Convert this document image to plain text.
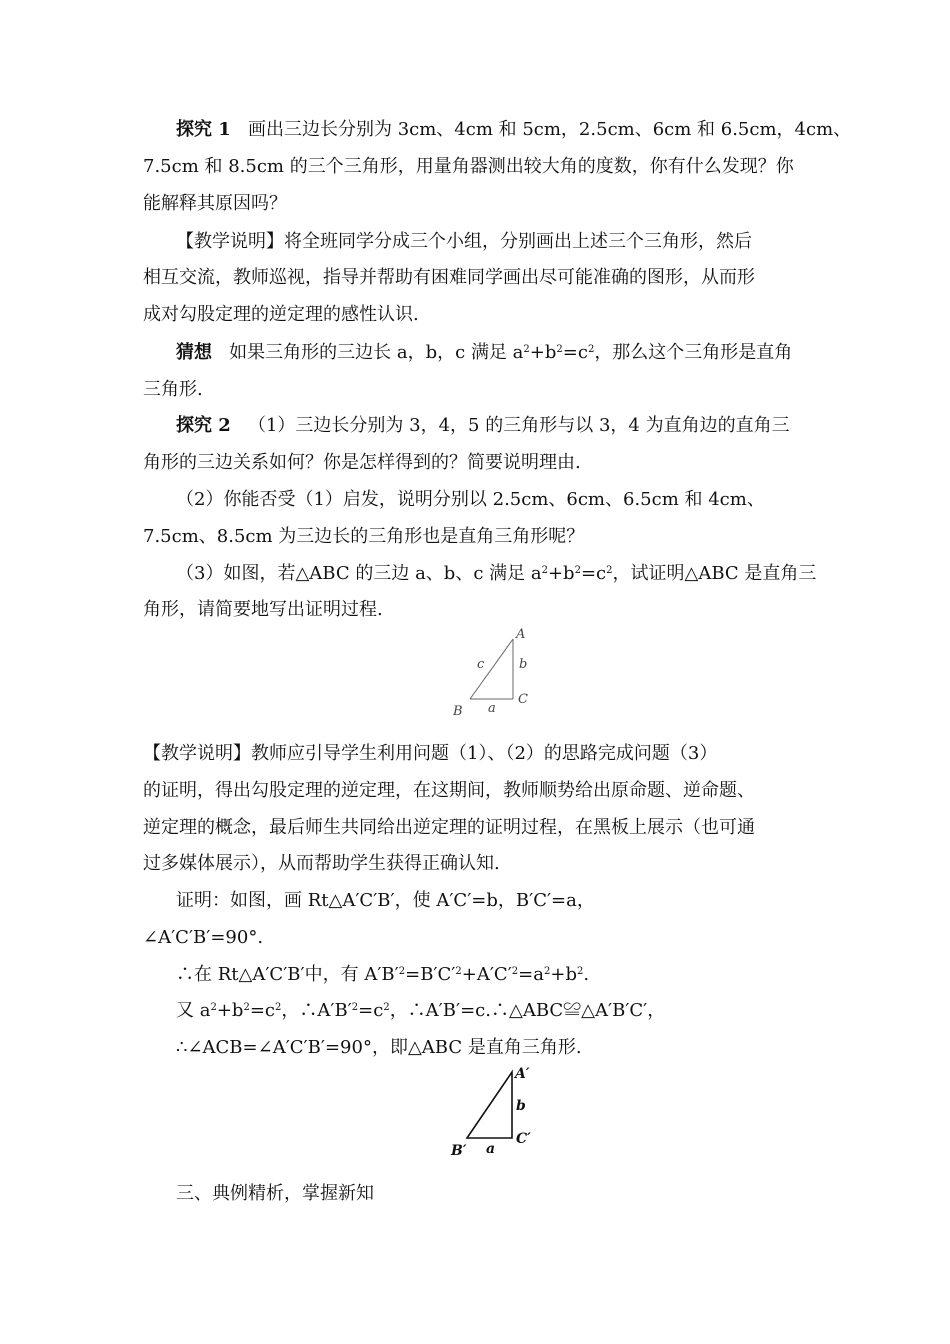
探究 1 画出三边长分别为 3cm、4cm 和 5cm，2.5cm、6cm 和 6.5cm，4cm、
7.5cm 和 8.5cm 的三个三角形，用量角器测出较大角的度数，你有什么发现？你
能解释其原因吗？
【教学说明】将全班同学分成三个小组，分别画出上述三个三角形，然后
相互交流，教师巡视，指导并帮助有困难同学画出尽可能准确的图形，从而形
成对勾股定理的逆定理的感性认识.
猜想 如果三角形的三边长 a，b，c 满足 $a^2+b^2=c^2$，那么这个三角形是直角
三角形.
探究 2 （1）三边长分别为 3，4，5 的三角形与以 3，4 为直角边的直角三
角形的三边关系如何？你是怎样得到的？简要说明理由.
（2）你能否受（1）启发，说明分别以 2.5cm、6cm、6.5cm 和 4cm、
7.5cm、8.5cm 为三边长的三角形也是直角三角形呢？
（3）如图，若△ABC 的三边 a、b、c 满足 $a^2+b^2=c^2$，试证明△ABC 是直角三
角形，请简要地写出证明过程.
A
b
c
C
B a
【教学说明】教师应引导学生利用问题（1）、（2）的思路完成问题（3）
的证明，得出勾股定理的逆定理，在这期间，教师顺势给出原命题、逆命题、
逆定理的概念，最后师生共同给出逆定理的证明过程，在黑板上展示（也可通
过多媒体展示），从而帮助学生获得正确认知.
证明：如图，画 Rt△A′C′B′，使 A′C′=b，B′C′=a，
∠A′C′B′=90°.
∴在 Rt△A′C′B′中，有 $A'B'^2=B'C'^2+A'C'^2=a^2+b^2$.
又 $a^2+b^2=c^2$，$\therefore A'B'^2=c^2$，∴A′B′=c.∴△ABC≌△A′B′C′，
∴∠ACB=∠A′C′B′=90°，即△ABC 是直角三角形.
A′
b
C′
B′ a
三、典例精析，掌握新知
